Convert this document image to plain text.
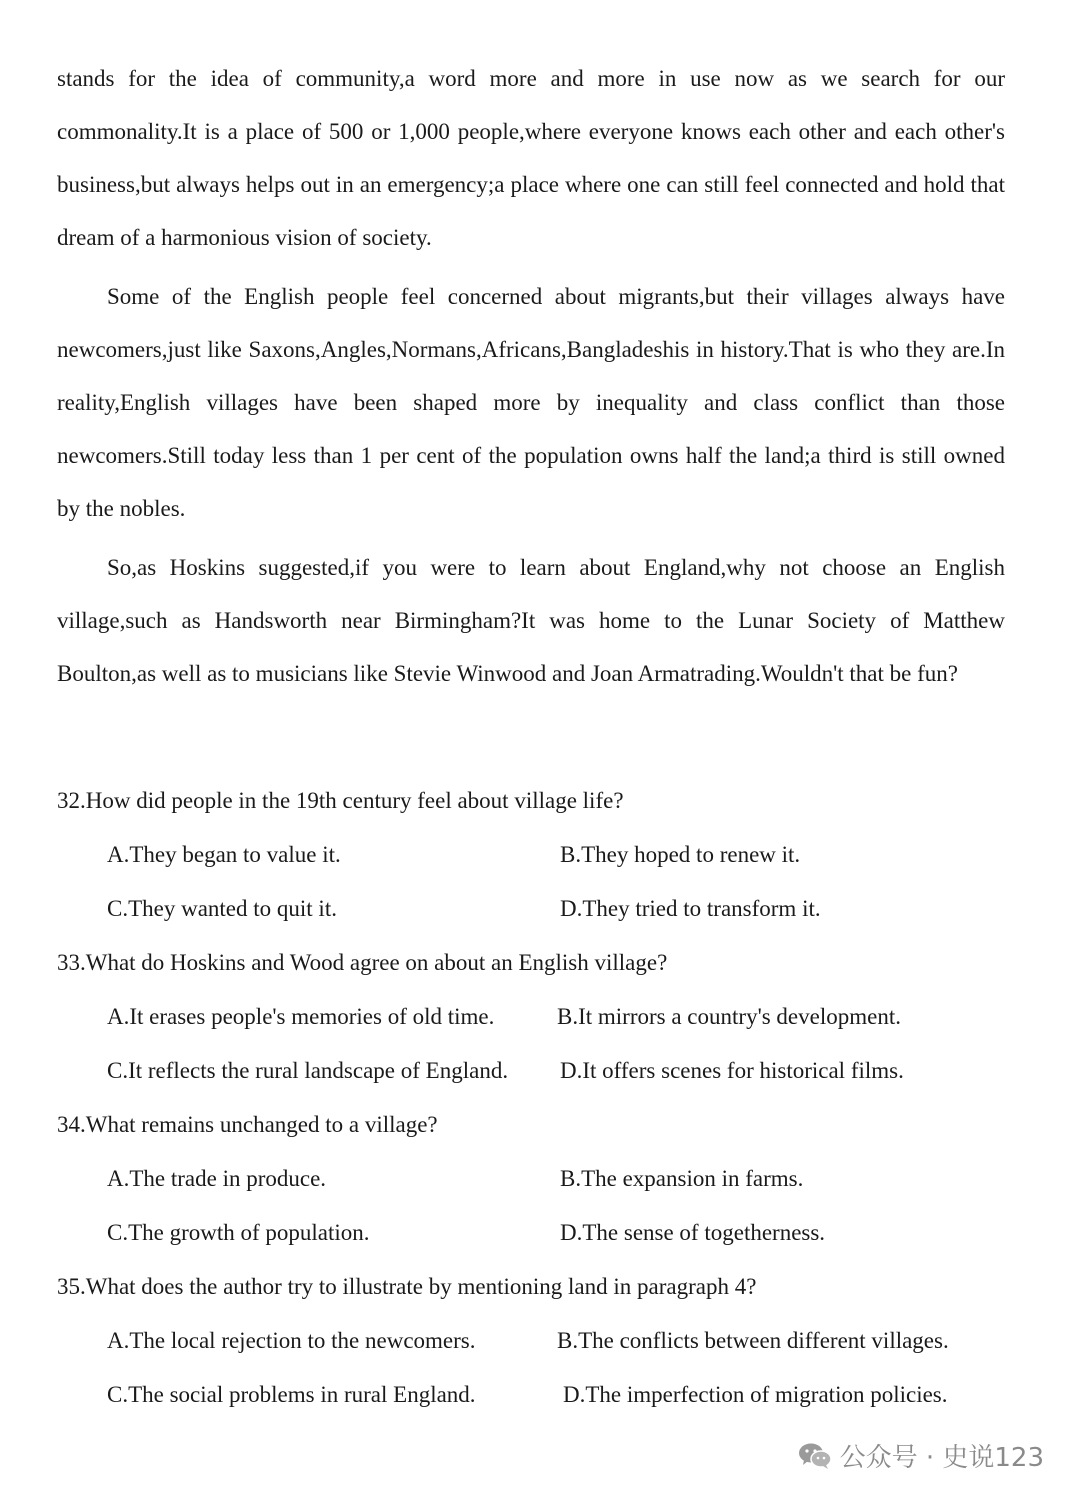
stands for the idea of community,a word more and more in use now as we search for our commonality.It is a place of 500 or 1,000 people,where everyone knows each other and each other's business,but always helps out in an emergency;a place where one can still feel connected and hold that dream of a harmonious vision of society.

Some of the English people feel concerned about migrants,but their villages always have newcomers,just like Saxons,Angles,Normans,Africans,Bangladeshis in history.That is who they are.In reality,English villages have been shaped more by inequality and class conflict than those newcomers.Still today less than 1 per cent of the population owns half the land;a third is still owned by the nobles.

So,as Hoskins suggested,if you were to learn about England,why not choose an English village,such as Handsworth near Birmingham?It was home to the Lunar Society of Matthew Boulton,as well as to musicians like Stevie Winwood and Joan Armatrading.Wouldn't that be fun?

32.How did people in the 19th century feel about village life?
A.They began to value it.	B.They hoped to renew it.
C.They wanted to quit it.	D.They tried to transform it.
33.What do Hoskins and Wood agree on about an English village?
A.It erases people's memories of old time.	B.It mirrors a country's development.
C.It reflects the rural landscape of England. D.It offers scenes for historical films.
34.What remains unchanged to a village?
A.The trade in produce.	B.The expansion in farms.
C.The growth of population.	D.The sense of togetherness.
35.What does the author try to illustrate by mentioning land in paragraph 4?
A.The local rejection to the newcomers.	B.The conflicts between different villages.
C.The social problems in rural England.	D.The imperfection of migration policies.
公众号 · 史说123
